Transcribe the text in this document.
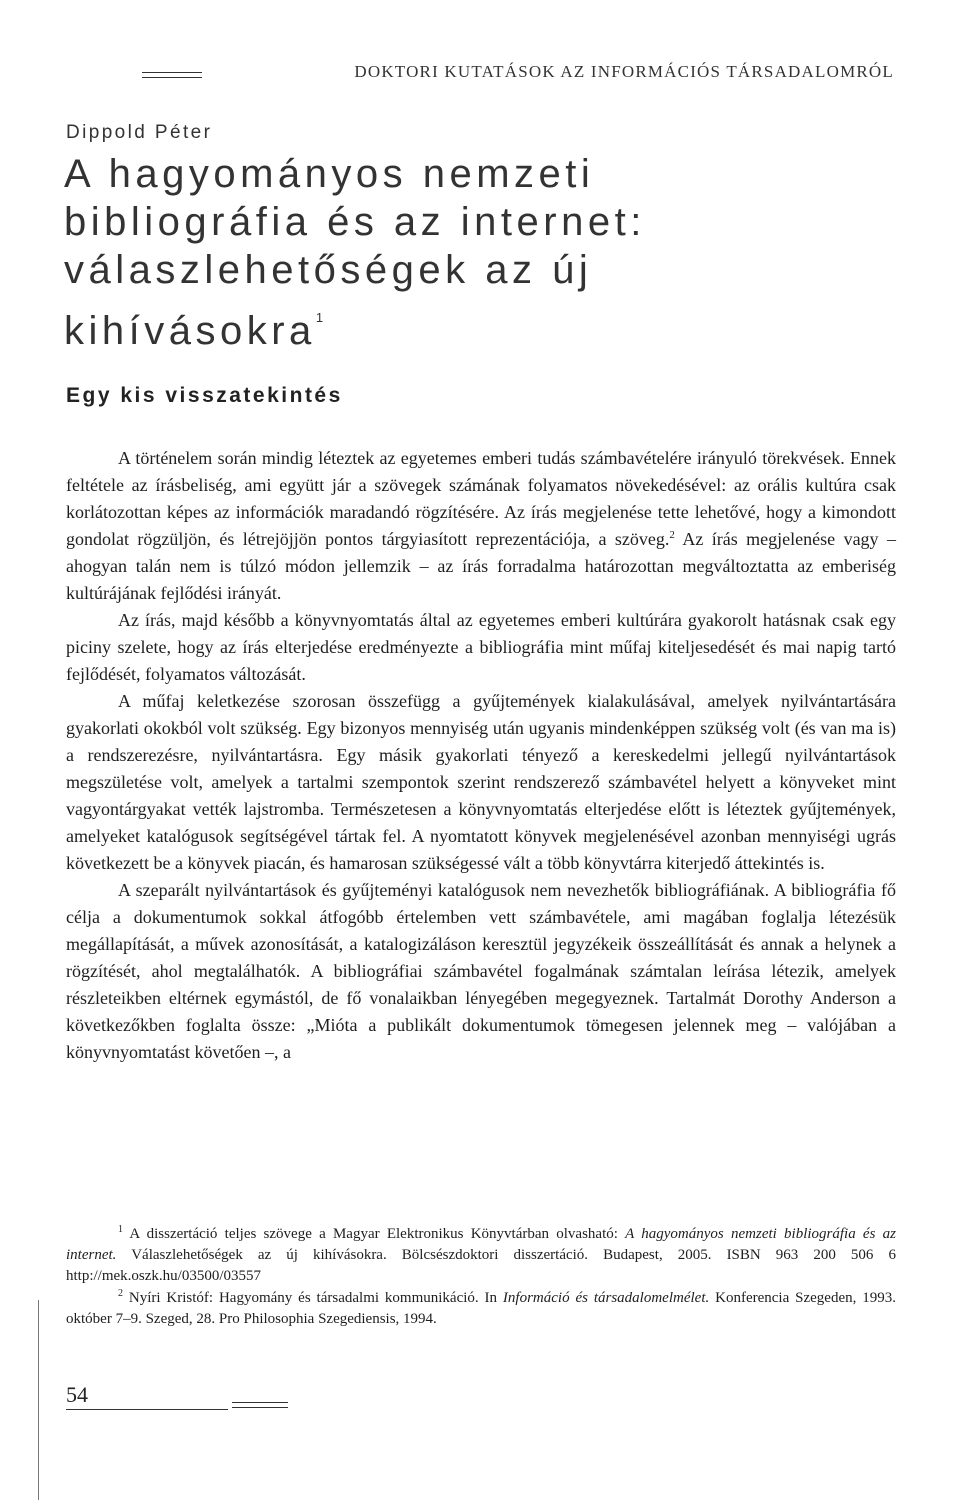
DOKTORI KUTATÁSOK AZ INFORMÁCIÓS TÁRSADALOMRÓL
Dippold Péter
A hagyományos nemzeti
bibliográfia és az internet:
válaszlehetőségek az új
kihívásokra$^1$
Egy kis visszatekintés

A történelem során mindig léteztek az egyetemes emberi tudás számbavételére irányuló törekvések. Ennek feltétele az írásbeliség, ami együtt jár a szövegek számának folyamatos növekedésével: az orális kultúra csak korlátozottan képes az információk maradandó rögzítésére. Az írás megjelenése tette lehetővé, hogy a kimondott gondolat rögzüljön, és létrejöjjön pontos tárgyiasított reprezentációja, a szöveg.$^2$ Az írás megjelenése vagy – ahogyan talán nem is túlzó módon jellemzik – az írás forradalma határozottan megváltoztatta az emberiség kultúrájának fejlődési irányát.

Az írás, majd később a könyvnyomtatás által az egyetemes emberi kultúrára gyakorolt hatásnak csak egy piciny szelete, hogy az írás elterjedése eredményezte a bibliográfia mint műfaj kiteljesedését és mai napig tartó fejlődését, folyamatos változását.

A műfaj keletkezése szorosan összefügg a gyűjtemények kialakulásával, amelyek nyilvántartására gyakorlati okokból volt szükség. Egy bizonyos mennyiség után ugyanis mindenképpen szükség volt (és van ma is) a rendszerezésre, nyilvántartásra. Egy másik gyakorlati tényező a kereskedelmi jellegű nyilvántartások megszületése volt, amelyek a tartalmi szempontok szerint rendszerező számbavétel helyett a könyveket mint vagyontárgyakat vették lajstromba. Természetesen a könyvnyomtatás elterjedése előtt is léteztek gyűjtemények, amelyeket katalógusok segítségével tártak fel. A nyomtatott könyvek megjelenésével azonban mennyiségi ugrás következett be a könyvek piacán, és hamarosan szükségessé vált a több könyvtárra kiterjedő áttekintés is.

A szeparált nyilvántartások és gyűjteményi katalógusok nem nevezhetők bibliográfiának. A bibliográfia fő célja a dokumentumok sokkal átfogóbb értelemben vett számbavétele, ami magában foglalja létezésük megállapítását, a művek azonosítását, a katalogizáláson keresztül jegyzékeik összeállítását és annak a helynek a rögzítését, ahol megtalálhatók. A bibliográfiai számbavétel fogalmának számtalan leírása létezik, amelyek részleteikben eltérnek egymástól, de fő vonalaikban lényegében megegyeznek. Tartalmát Dorothy Anderson a következőkben foglalta össze: „Mióta a publikált dokumentumok tömegesen jelennek meg – valójában a könyvnyomtatást követően –, a

$^1$ A disszertáció teljes szövege a Magyar Elektronikus Könyvtárban olvasható: A hagyományos nemzeti bibliográfia és az internet. Válaszlehetőségek az új kihívásokra. Bölcsészdoktori disszertáció. Budapest, 2005. ISBN 963 200 506 6 http://mek.oszk.hu/03500/03557

$^2$ Nyíri Kristóf: Hagyomány és társadalmi kommunikáció. In Információ és társadalomelmélet. Konferencia Szegeden, 1993. október 7–9. Szeged, 28. Pro Philosophia Szegediensis, 1994.

54
